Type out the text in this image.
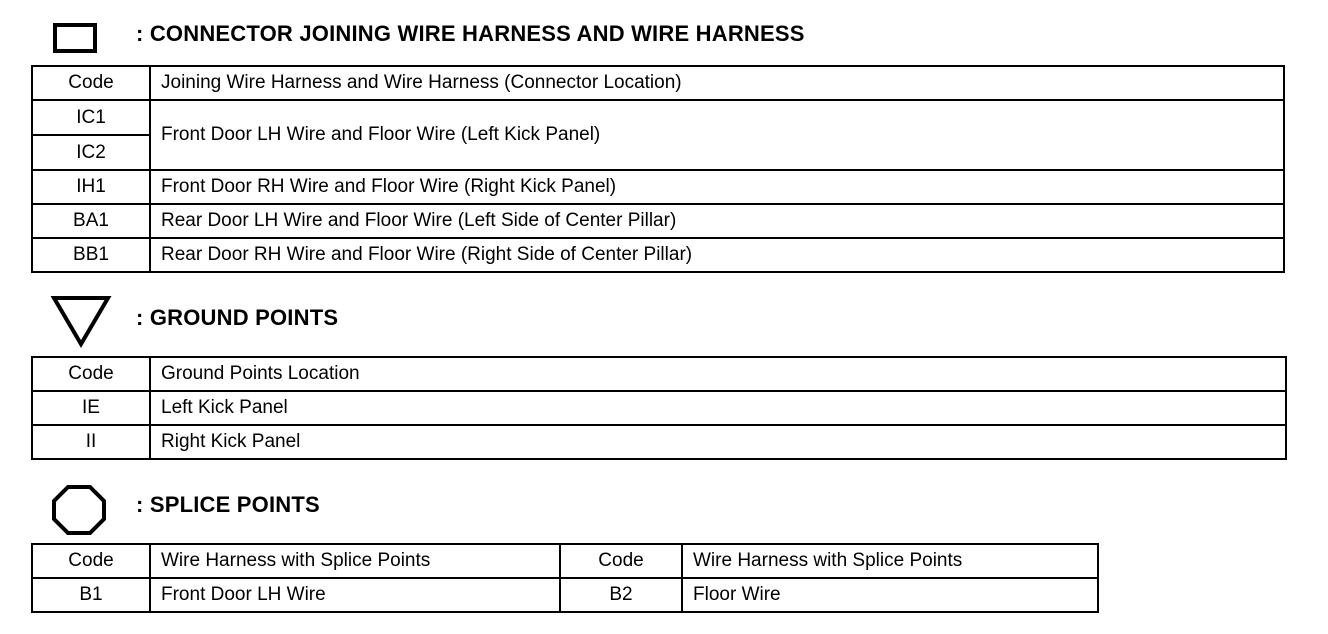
: CONNECTOR JOINING WIRE HARNESS AND WIRE HARNESS
Code	Joining Wire Harness and Wire Harness (Connector Location)
IC1	Front Door LH Wire and Floor Wire (Left Kick Panel)
IC2	
IH1	Front Door RH Wire and Floor Wire (Right Kick Panel)
BA1	Rear Door LH Wire and Floor Wire (Left Side of Center Pillar)
BB1	Rear Door RH Wire and Floor Wire (Right Side of Center Pillar)
: GROUND POINTS
Code	Ground Points Location
IE	Left Kick Panel
II	Right Kick Panel
: SPLICE POINTS
Code	Wire Harness with Splice Points	Code	Wire Harness with Splice Points
B1	Front Door LH Wire	B2	Floor Wire
